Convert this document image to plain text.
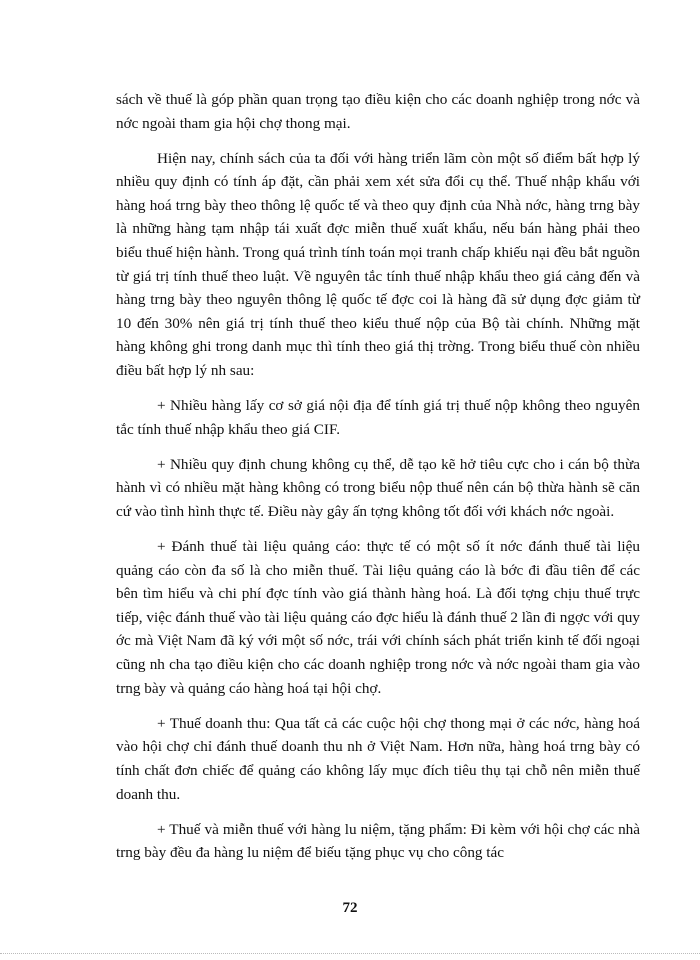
sách về thuế là góp phần quan trọng tạo điều kiện cho các doanh nghiệp trong nớc và nớc ngoài tham gia hội chợ thong mại.

Hiện nay, chính sách của ta đối với hàng triển lãm còn một số điểm bất hợp lý nhiều quy định có tính áp đặt, cần phải xem xét sửa đổi cụ thể. Thuế nhập khẩu với hàng hoá trng bày theo thông lệ quốc tế và theo quy định của Nhà nớc, hàng trng bày là những hàng tạm nhập tái xuất đợc miễn thuế xuất khẩu, nếu bán hàng phải theo biểu thuế hiện hành. Trong quá trình tính toán mọi tranh chấp khiếu nại đều bắt nguồn từ giá trị tính thuế theo luật. Về nguyên tắc tính thuế nhập khẩu theo giá cảng đến và hàng trng bày theo nguyên thông lệ quốc tế đợc coi là hàng đã sử dụng đợc giảm từ 10 đến 30% nên giá trị tính thuế theo kiểu thuế nộp của Bộ tài chính. Những mặt hàng không ghi trong danh mục thì tính theo giá thị trờng. Trong biểu thuế còn nhiều điều bất hợp lý nh sau:

+ Nhiều hàng lấy cơ sở giá nội địa để tính giá trị thuế nộp không theo nguyên tắc tính thuế nhập khẩu theo giá CIF.

+ Nhiều quy định chung không cụ thể, dễ tạo kẽ hở tiêu cực cho i cán bộ thừa hành vì có nhiều mặt hàng không có trong biểu nộp thuế nên cán bộ thừa hành sẽ căn cứ vào tình hình thực tế. Điều này gây ấn tợng không tốt đối với khách nớc ngoài.

+ Đánh thuế tài liệu quảng cáo: thực tế có một số ít nớc đánh thuế tài liệu quảng cáo còn đa số là cho miễn thuế. Tài liệu quảng cáo là bớc đi đầu tiên để các bên tìm hiểu và chi phí đợc tính vào giá thành hàng hoá. Là đối tợng chịu thuế trực tiếp, việc đánh thuế vào tài liệu quảng cáo đợc hiểu là đánh thuế 2 lần đi ngợc với quy ớc mà Việt Nam đã ký với một số nớc, trái với chính sách phát triển kinh tế đối ngoại cũng nh cha tạo điều kiện cho các doanh nghiệp trong nớc và nớc ngoài tham gia vào trng bày và quảng cáo hàng hoá tại hội chợ.

+ Thuế doanh thu: Qua tất cả các cuộc hội chợ thong mại ở các nớc, hàng hoá vào hội chợ chỉ đánh thuế doanh thu nh ở Việt Nam. Hơn nữa, hàng hoá trng bày có tính chất đơn chiếc để quảng cáo không lấy mục đích tiêu thụ tại chỗ nên miễn thuế doanh thu.

+ Thuế và miễn thuế với hàng lu niệm, tặng phẩm: Đi kèm với hội chợ các nhà trng bày đều đa hàng lu niệm để biếu tặng phục vụ cho công tác

72
